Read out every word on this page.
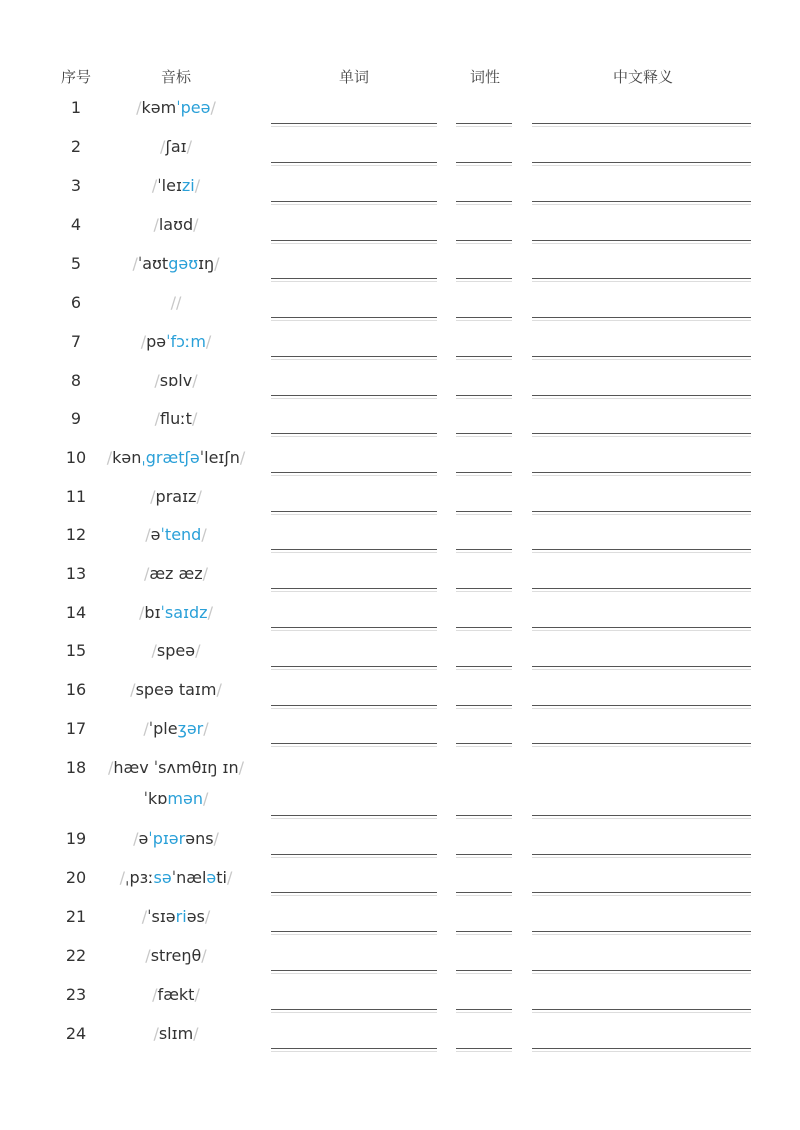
序号	音标	单词	词性	中文释义
1	/kəmˈpeə/
2	/ʃaɪ/
3	/ˈleɪzi/
4	/laʊd/
5	/ˈaʊtgəʊɪŋ/
6	//
7	/pəˈfɔːm/
8	/sɒlv/
9	/fluːt/
10 /kənˌgrætʃəˈleɪʃn/
11	/praɪz/
12	/əˈtend/
13	/æz æz/
14	/bɪˈsaɪdz/
15	/speə/
16	/speə taɪm/
17	/ˈpleʒər/
18 /hæv ˈsʌmθɪŋ ɪn/
ˈkɒmən/
19	/əˈpɪərəns/
20 /ˌpɜːsəˈnæləti/
21	/ˈsɪəriəs/
22	/streŋθ/
23	/fækt/
24	/slɪm/
